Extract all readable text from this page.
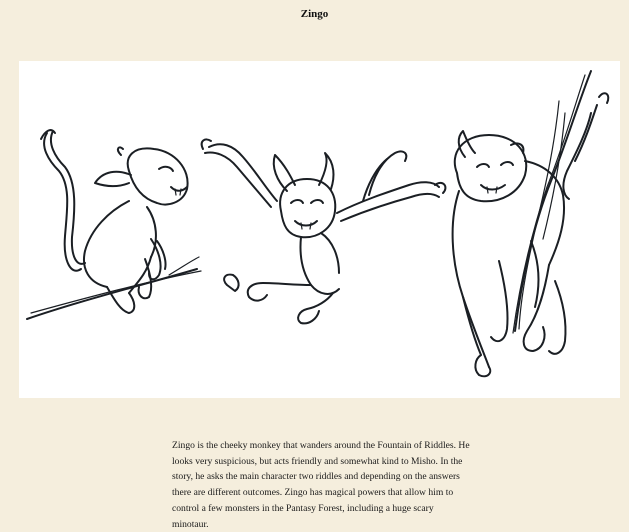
Zingo
Zingo is the cheeky monkey that wanders around the Fountain of Riddles. He looks very suspicious, but acts friendly and somewhat kind to Misho. In the story, he asks the main character two riddles and depending on the answers there are different outcomes. Zingo has magical powers that allow him to control a few monsters in the Pantasy Forest, including a huge scary minotaur.
